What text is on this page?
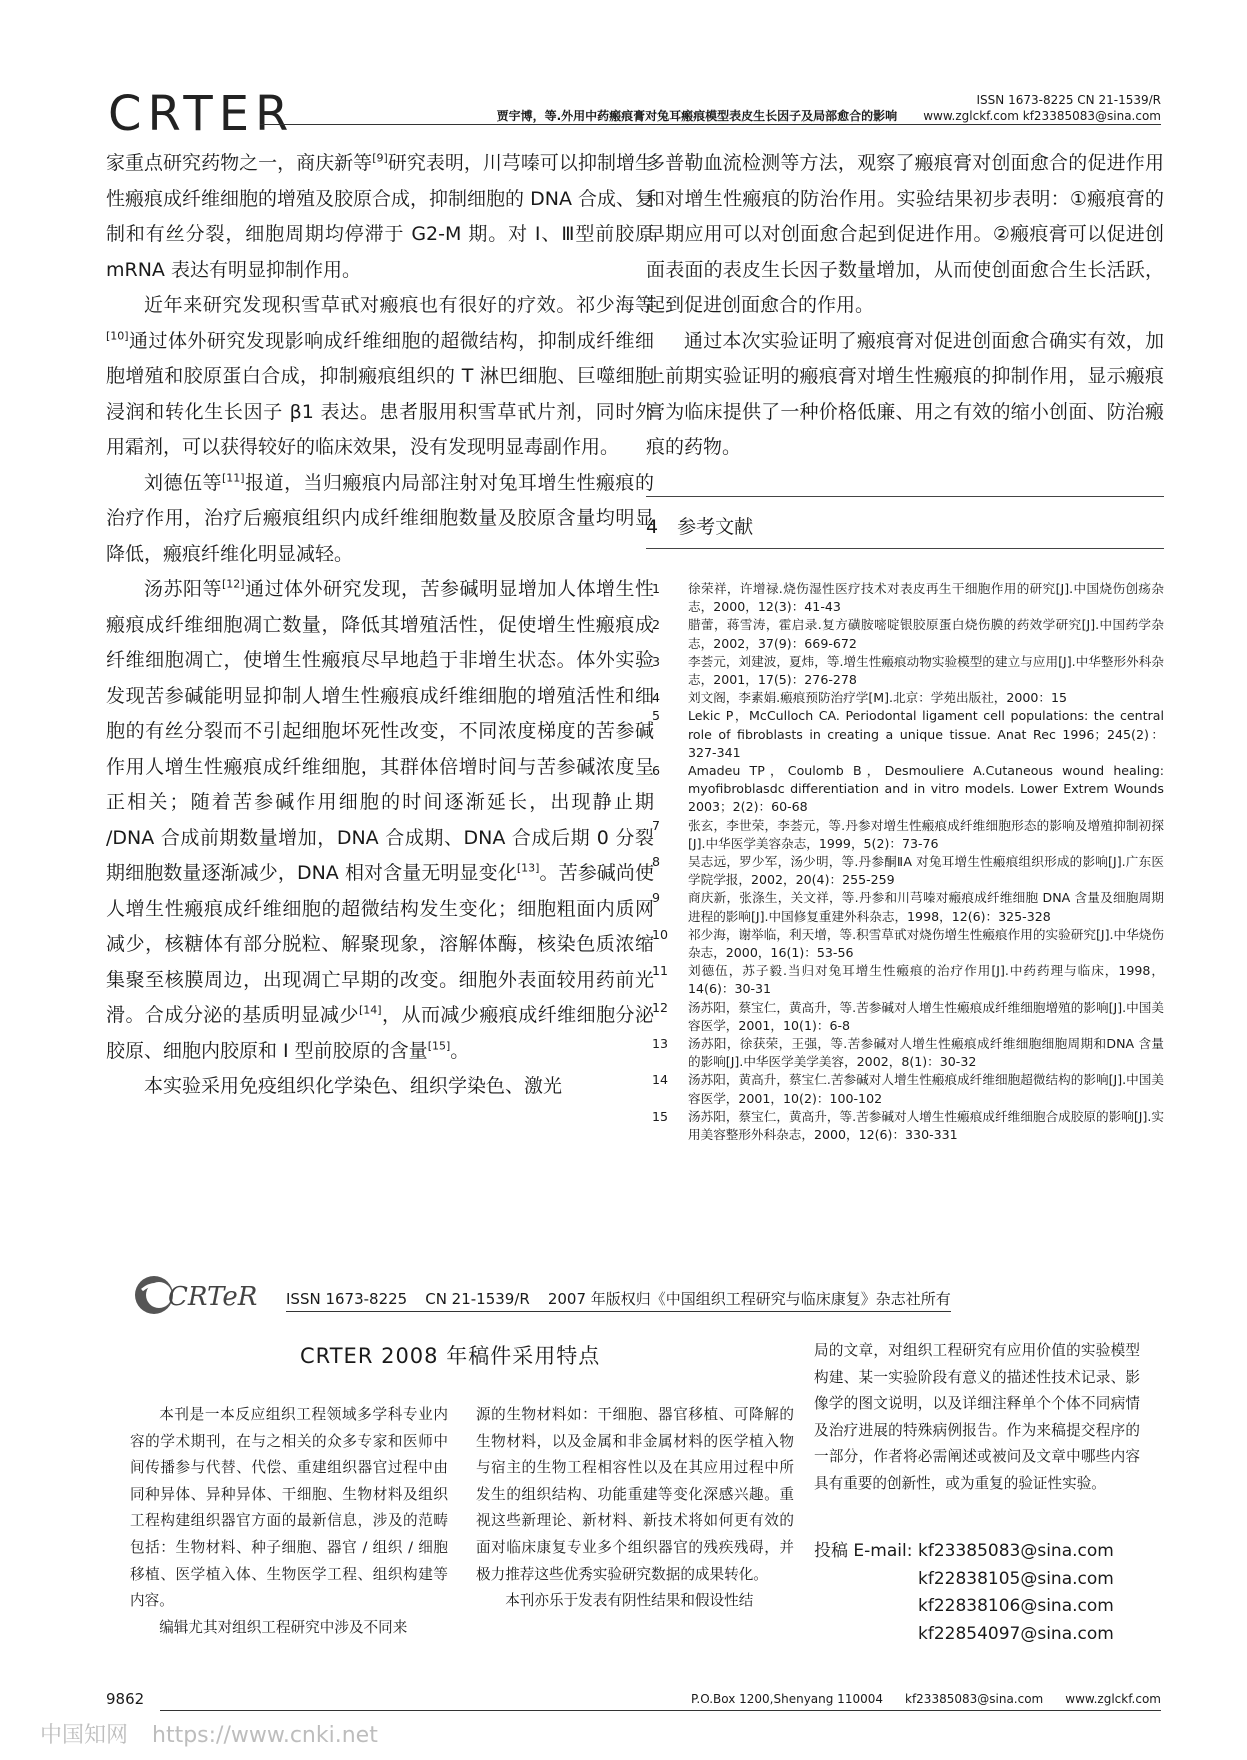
CRTER	ISSN 1673-8225 CN 21-1539/R
贾宇博，等.外用中药瘢痕膏对兔耳瘢痕模型表皮生长因子及局部愈合的影响 www.zglckf.com kf23385083@sina.com

家重点研究药物之一，商庆新等[9]研究表明，川芎嗪可以抑制增生性瘢痕成纤维细胞的增殖及胶原合成，抑制细胞的 DNA 合成、复制和有丝分裂，细胞周期均停滞于 G2-M 期。对 Ⅰ、Ⅲ型前胶原 mRNA 表达有明显抑制作用。

近年来研究发现积雪草甙对瘢痕也有很好的疗效。祁少海等[10]通过体外研究发现影响成纤维细胞的超微结构，抑制成纤维细胞增殖和胶原蛋白合成，抑制瘢痕组织的 T 淋巴细胞、巨噬细胞浸润和转化生长因子 β1 表达。患者服用积雪草甙片剂，同时外用霜剂，可以获得较好的临床效果，没有发现明显毒副作用。

刘德伍等[11]报道，当归瘢痕内局部注射对兔耳增生性瘢痕的治疗作用，治疗后瘢痕组织内成纤维细胞数量及胶原含量均明显降低，瘢痕纤维化明显减轻。

汤苏阳等[12]通过体外研究发现，苦参碱明显增加人体增生性瘢痕成纤维细胞凋亡数量，降低其增殖活性，促使增生性瘢痕成纤维细胞凋亡，使增生性瘢痕尽早地趋于非增生状态。体外实验发现苦参碱能明显抑制人增生性瘢痕成纤维细胞的增殖活性和细胞的有丝分裂而不引起细胞坏死性改变，不同浓度梯度的苦参碱作用人增生性瘢痕成纤维细胞，其群体倍增时间与苦参碱浓度呈正相关；随着苦参碱作用细胞的时间逐渐延长，出现静止期 /DNA 合成前期数量增加，DNA 合成期、DNA 合成后期 0 分裂期细胞数量逐渐减少，DNA 相对含量无明显变化[13]。苦参碱尚使人增生性瘢痕成纤维细胞的超微结构发生变化；细胞粗面内质网减少，核糖体有部分脱粒、解聚现象，溶解体酶，核染色质浓缩集聚至核膜周边，出现凋亡早期的改变。细胞外表面较用药前光滑。合成分泌的基质明显减少[14]，从而减少瘢痕成纤维细胞分泌胶原、细胞内胶原和 Ⅰ 型前胶原的含量[15]。

本实验采用免疫组织化学染色、组织学染色、激光

多普勒血流检测等方法，观察了瘢痕膏对创面愈合的促进作用和对增生性瘢痕的防治作用。实验结果初步表明：①瘢痕膏的早期应用可以对创面愈合起到促进作用。②瘢痕膏可以促进创面表面的表皮生长因子数量增加，从而使创面愈合生长活跃，起到促进创面愈合的作用。

通过本次实验证明了瘢痕膏对促进创面愈合确实有效，加上前期实验证明的瘢痕膏对增生性瘢痕的抑制作用，显示瘢痕膏为临床提供了一种价格低廉、用之有效的缩小创面、防治瘢痕的药物。

4　参考文献
1	徐荣祥，许增禄.烧伤湿性医疗技术对表皮再生干细胞作用的研究[J].中国烧伤创疡杂志，2000，12(3)：41-43
2	腊蕾，蒋雪涛，霍启录.复方磺胺嘧啶银胶原蛋白烧伤膜的药效学研究[J].中国药学杂志，2002，37(9)：669-672
3	李荟元，刘建波，夏炜，等.增生性瘢痕动物实验模型的建立与应用[J].中华整形外科杂志，2001，17(5)：276-278
4	刘文阁，李素娟.瘢痕预防治疗学[M].北京：学苑出版社，2000：15
5	Lekic P，McCulloch CA. Periodontal ligament cell populations: the central role of fibroblasts in creating a unique tissue. Anat Rec 1996；245(2)：327-341
6	Amadeu TP，Coulomb B，Desmouliere A.Cutaneous wound healing: myofibroblasdc differentiation and in vitro models. Lower Extrem Wounds 2003；2(2)：60-68
7	张玄，李世荣，李荟元，等.丹参对增生性瘢痕成纤维细胞形态的影响及增殖抑制初探[J].中华医学美容杂志，1999，5(2)：73-76
8	吴志远，罗少军，汤少明，等.丹参酮ⅡA 对兔耳增生性瘢痕组织形成的影响[J].广东医学院学报，2002，20(4)：255-259
9	商庆新，张涤生，关文祥，等.丹参和川芎嗪对瘢痕成纤维细胞 DNA 含量及细胞周期进程的影响[J].中国修复重建外科杂志，1998，12(6)：325-328
10	祁少海，谢举临，利天增，等.积雪草甙对烧伤增生性瘢痕作用的实验研究[J].中华烧伤杂志，2000，16(1)：53-56
11	刘德伍，苏子毅.当归对兔耳增生性瘢痕的治疗作用[J].中药药理与临床，1998，14(6)：30-31
12	汤苏阳，蔡宝仁，黄高升，等.苦参碱对人增生性瘢痕成纤维细胞增殖的影响[J].中国美容医学，2001，10(1)：6-8
13	汤苏阳，徐获荣，王强，等.苦参碱对人增生性瘢痕成纤维细胞细胞周期和DNA 含量的影响[J].中华医学美学美容，2002，8(1)：30-32
14	汤苏阳，黄高升，蔡宝仁.苦参碱对人增生性瘢痕成纤维细胞超微结构的影响[J].中国美容医学，2001，10(2)：100-102
15	汤苏阳，蔡宝仁，黄高升，等.苦参碱对人增生性瘢痕成纤维细胞合成胶原的影响[J].实用美容整形外科杂志，2000，12(6)：330-331
CRTeR ISSN 1673-8225 CN 21-1539/R 2007 年版权归《中国组织工程研究与临床康复》杂志社所有
CRTER 2008 年稿件采用特点

本刊是一本反应组织工程领域多学科专业内容的学术期刊，在与之相关的众多专家和医师中间传播参与代替、代偿、重建组织器官过程中由同种异体、异种异体、干细胞、生物材料及组织工程构建组织器官方面的最新信息，涉及的范畴包括：生物材料、种子细胞、器官 / 组织 / 细胞移植、医学植入体、生物医学工程、组织构建等内容。

编辑尤其对组织工程研究中涉及不同来

源的生物材料如：干细胞、器官移植、可降解的生物材料，以及金属和非金属材料的医学植入物与宿主的生物工程相容性以及在其应用过程中所发生的组织结构、功能重建等变化深感兴趣。重视这些新理论、新材料、新技术将如何更有效的面对临床康复专业多个组织器官的残疾残碍，并极力推荐这些优秀实验研究数据的成果转化。

本刊亦乐于发表有阴性结果和假设性结

局的文章，对组织工程研究有应用价值的实验模型构建、某一实验阶段有意义的描述性技术记录、影像学的图文说明，以及详细注释单个个体不同病情及治疗进展的特殊病例报告。作为来稿提交程序的一部分，作者将必需阐述或被问及文章中哪些内容具有重要的创新性，或为重复的验证性实验。

投稿 E-mail: kf23385083@sina.com
kf22838105@sina.com
kf22838106@sina.com
kf22854097@sina.com
9862	P.O.Box 1200,Shenyang 110004 kf23385083@sina.com www.zglckf.com
中国知网 https://www.cnki.net
